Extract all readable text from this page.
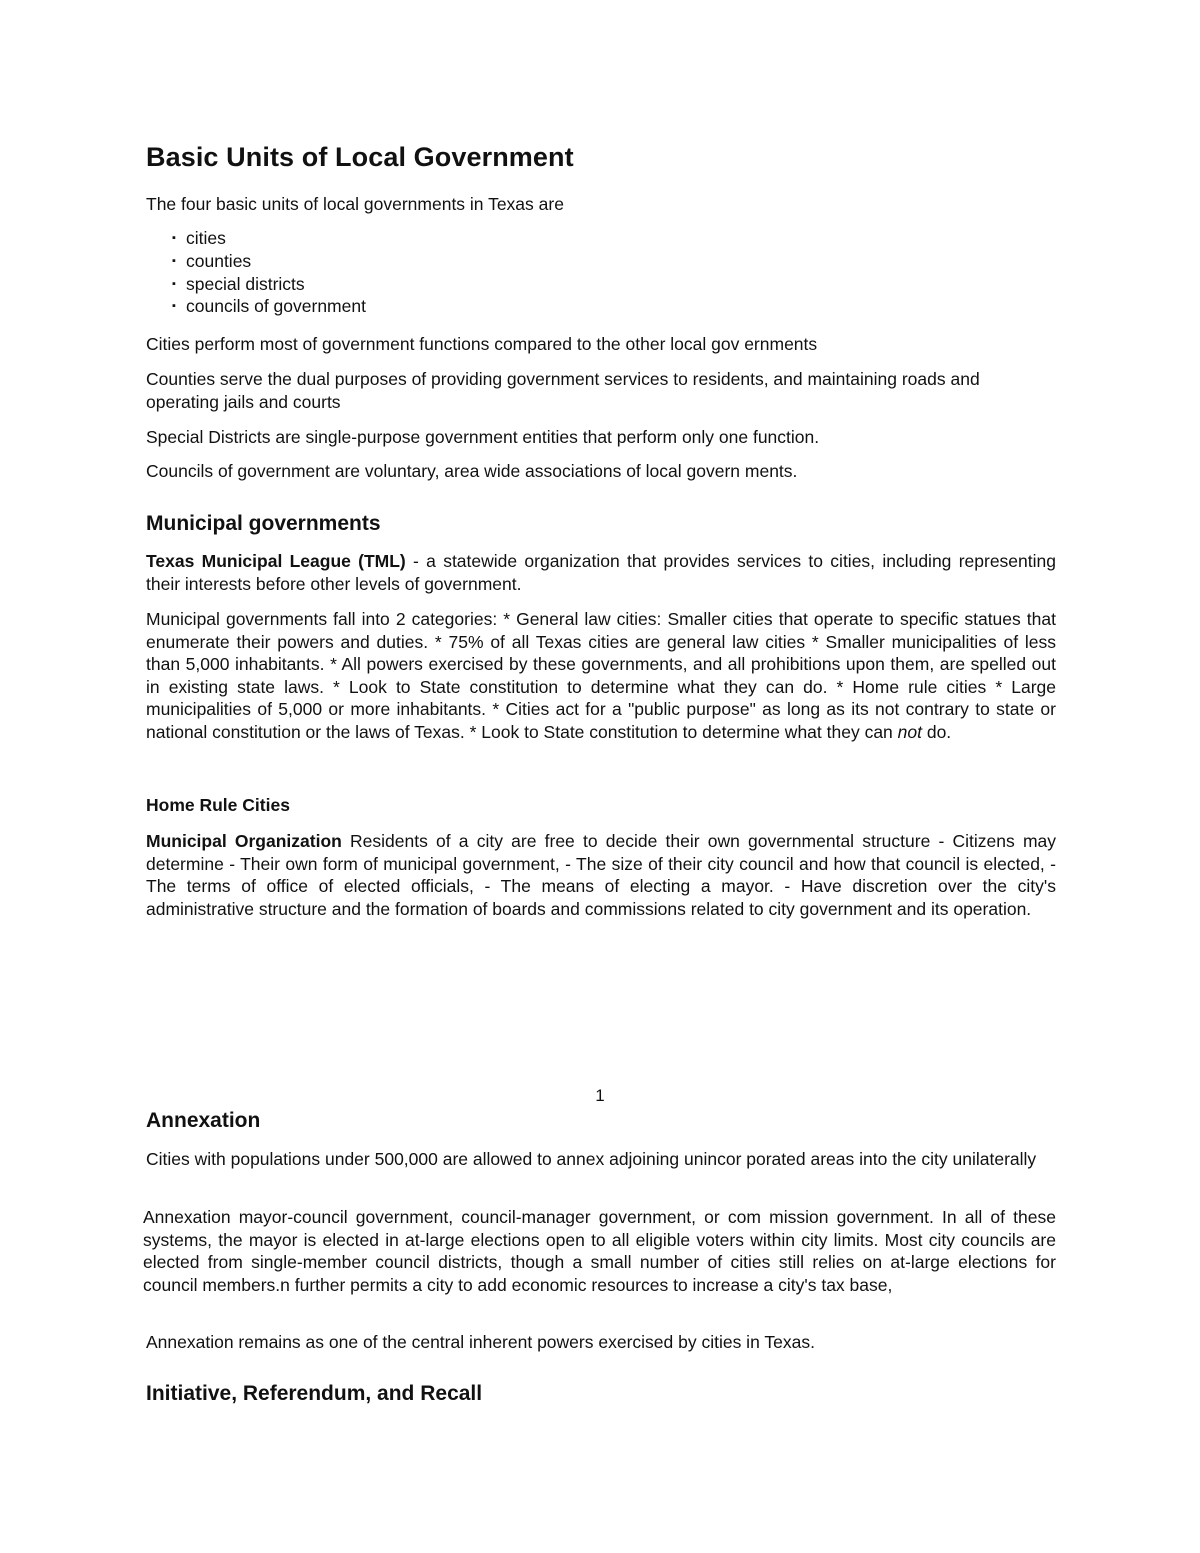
Basic Units of Local Government

The four basic units of local governments in Texas are

▪ cities
▪ counties
▪ special districts
▪ councils of government

Cities perform most of government functions compared to the other local gov ernments

Counties serve the dual purposes of providing government services to residents, and maintaining roads and operating jails and courts

Special Districts are single-purpose government entities that perform only one function.

Councils of government are voluntary, area wide associations of local govern ments.

Municipal governments

Texas Municipal League (TML) - a statewide organization that provides services to cities, including representing their interests before other levels of government.

Municipal governments fall into 2 categories: * General law cities: Smaller cities that operate to specific statues that enumerate their powers and duties. * 75% of all Texas cities are general law cities * Smaller municipalities of less than 5,000 inhabitants. * All powers exercised by these governments, and all prohibitions upon them, are spelled out in existing state laws. * Look to State constitution to determine what they can do. * Home rule cities * Large municipalities of 5,000 or more inhabitants. * Cities act for a "public purpose" as long as its not contrary to state or national constitution or the laws of Texas. * Look to State constitution to determine what they can not do.

Home Rule Cities

Municipal Organization Residents of a city are free to decide their own governmental structure - Citizens may determine - Their own form of municipal government, - The size of their city council and how that council is elected, - The terms of office of elected officials, - The means of electing a mayor. - Have discretion over the city's administrative structure and the formation of boards and commissions related to city government and its operation.

Annexation

Cities with populations under 500,000 are allowed to annex adjoining unincor porated areas into the city unilaterally

Annexation mayor-council government, council-manager government, or com mission government. In all of these systems, the mayor is elected in at-large elections open to all eligible voters within city limits. Most city councils are elected from single-member council districts, though a small number of cities still relies on at-large elections for council members.n further permits a city to add economic resources to increase a city's tax base,

Annexation remains as one of the central inherent powers exercised by cities in Texas.

Initiative, Referendum, and Recall
1
